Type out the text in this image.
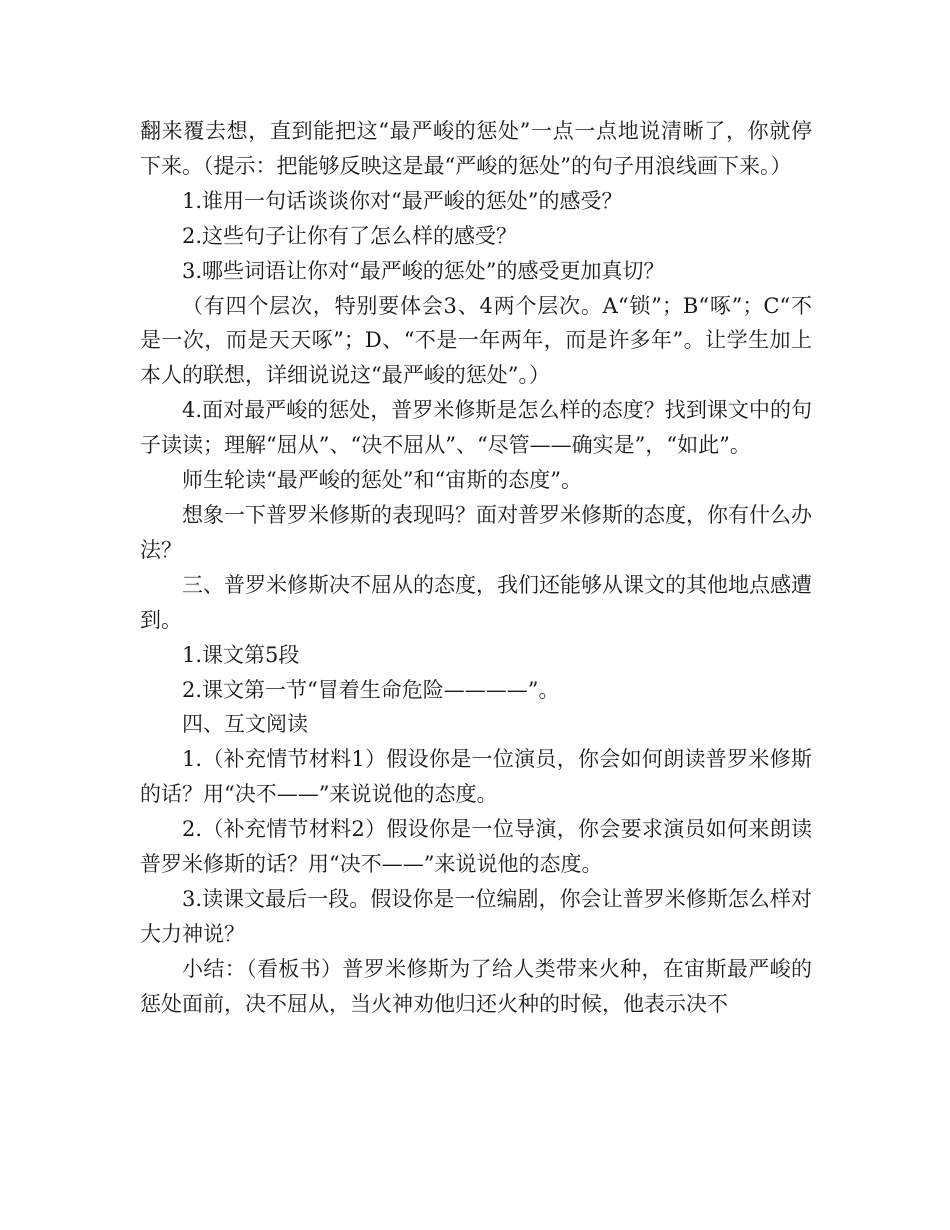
翻来覆去想，直到能把这“最严峻的惩处”一点一点地说清晰了，你就停下来。（提示：把能够反映这是最“严峻的惩处”的句子用浪线画下来。）

1.谁用一句话谈谈你对“最严峻的惩处”的感受？

2.这些句子让你有了怎么样的感受？

3.哪些词语让你对“最严峻的惩处”的感受更加真切？

（有四个层次，特别要体会3、4两个层次。A“锁”；B“啄”；C“不是一次，而是天天啄”；D、“不是一年两年，而是许多年”。让学生加上本人的联想，详细说说这“最严峻的惩处”。）

4.面对最严峻的惩处，普罗米修斯是怎么样的态度？找到课文中的句子读读；理解“屈从”、“决不屈从”、“尽管——确实是”，“如此”。

师生轮读“最严峻的惩处”和“宙斯的态度”。

想象一下普罗米修斯的表现吗？面对普罗米修斯的态度，你有什么办法？

三、普罗米修斯决不屈从的态度，我们还能够从课文的其他地点感遭到。

1.课文第5段

2.课文第一节“冒着生命危险————”。

四、互文阅读

1.（补充情节材料1）假设你是一位演员，你会如何朗读普罗米修斯的话？用“决不——”来说说他的态度。

2.（补充情节材料2）假设你是一位导演，你会要求演员如何来朗读普罗米修斯的话？用“决不——”来说说他的态度。

3.读课文最后一段。假设你是一位编剧，你会让普罗米修斯怎么样对大力神说？

小结：（看板书）普罗米修斯为了给人类带来火种，在宙斯最严峻的惩处面前，决不屈从，当火神劝他归还火种的时候，他表示决不
